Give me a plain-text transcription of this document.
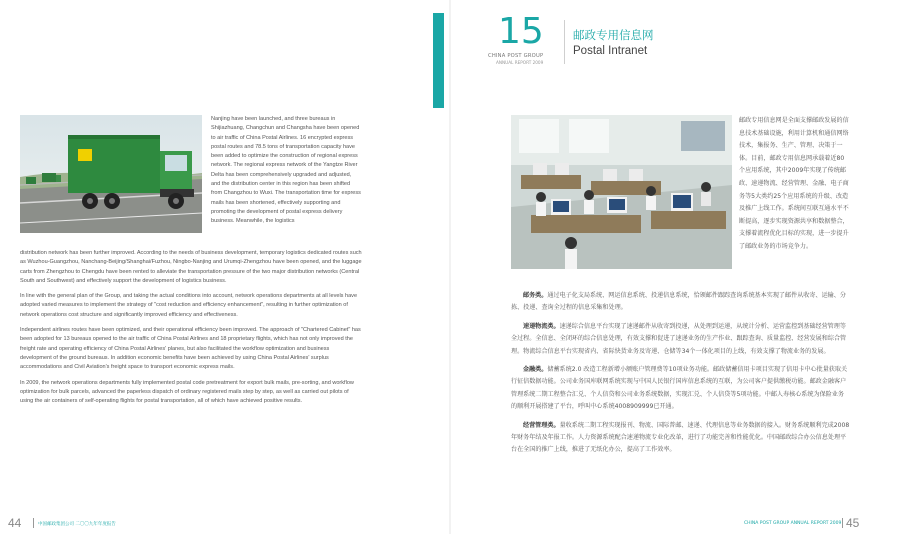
15
CHINA POST GROUP
ANNUAL REPORT 2009
邮政专用信息网
Postal Intranet

Nanjing have been launched, and three bureaus in Shijiazhuang, Changchun and Changsha have been opened to air traffic of China Postal Airlines. 16 encrypted express postal routes and 78.5 tons of transportation capacity have been added to optimize the construction of regional express network. The regional express network of the Yangtze River Delta has been comprehensively upgraded and adjusted, and the distribution center in this region has been shifted from Changzhou to Wuxi. The transportation time for express mails has been shortened, effectively supporting and promoting the development of postal express delivery business. Meanwhile, the logistics

distribution network has been further improved. According to the needs of business development, temporary logistics dedicated routes such as Wuzhou-Guangzhou, Nanchang-Beijing/Shanghai/Fuzhou, Ningbo-Nanjing and Urumqi-Zhengzhou have been opened, and the luggage carts from Zhengzhou to Chengdu have been rented to alleviate the transportation pressure of the two major distribution networks (Central South and Southwest) and effectively support the development of logistics business.

In line with the general plan of the Group, and taking the actual conditions into account, network operations departments at all levels have adopted varied measures to implement the strategy of "cost reduction and efficiency enhancement", resulting in further optimization of network operations cost structure and significantly improved efficiency and effectiveness.

Independent airlines routes have been optimized, and their operational efficiency been improved. The approach of "Chartered Cabinet" has been adopted for 13 bureaus opened to the air traffic of China Postal Airlines and 18 proprietary flights, which has not only improved the freight rate and operating efficiency of China Postal Airlines' planes, but also facilitated the workflow optimization and business development of the ground bureaus. In addition economic benefits have been achieved by using China Postal Airlines' surplus accommodations and Civil Aviation's freight space to transport economic express mails.

In 2009, the network operations departments fully implemented postal code pretreatment for export bulk mails, pre-sorting, and workflow optimization for bulk parcels, advanced the paperless dispatch of ordinary registered mails step by step, as well as carried out pilots of using the air containers of self-operating flights for postal transportation, all of which have achieved positive results.

邮政专用信息网是全面支撑邮政发展的信息技术基础设施，利用计算机和通信网络技术，集报务、生产、管理、决策于一体。目前，邮政专用信息网承载着近80个应用系统，其中2009年实现了传统邮政、速递物流、经营管理、金融、电子商务等5大类约25个应用系统的升级、改造及推广上线工作。系统间互联互通水平不断提高，逐步实现资源共享和数据整合，支撑着流程优化目标的实现，进一步提升了邮政业务的市场竞争力。

邮务类。通过电子化支局系统、网运信息系统、投递信息系统，恰颁邮件跟踪查询系统基本实现了邮件从收寄、运输、分拣、投递、查询全过程的信息采集和处理。

速递物流类。速递综合信息平台实现了速递邮件从收寄到投递，从处理到运递，从统计分析、运营监控到基础经营管理等全过程。全信息、全闭环的综合信息处理，有效支撑和促进了速递业务的生产作业、跟踪查询、质量监控、经营发展和综合管理。物流综合信息平台实现省内、省际快货业务及寄递、仓储等34个一体化项目的上线，有效支撑了物流业务的发展。

金融类。储蓄系统2.0 改造工程新增小额账户管理费等10项业务功能。邮政储蓄信用卡项目实现了信用卡中心批量获取关行征信数据功能。公司业务国库联网系统实现与中国人民银行国库信息系统的互联，为公司客户提供缴税功能。邮政金融客户管理系统二期工程整合汇兑、个人信贷和公司业务系统数据，实现汇兑、个人信贷等5项功能。中邮人寿核心系统为保险业务的顺利开展搭建了平台，呼叫中心系统4008909999已开通。

经营管理类。量收系统二期工程实现报刊、物流、国际普邮、速递、代理信息等业务数据的接入。财务系统顺利完成2008年财务年结及年报工作。人力资源系统配合速递物流专业化改革，进行了功能完善和性能优化。中国邮政综合办公信息处理平台在全国的推广上线，推进了无纸化办公，提高了工作效率。

44	中国邮政集团公司 二〇〇九年年度报告	CHINA POST GROUP ANNUAL REPORT 2009 45
